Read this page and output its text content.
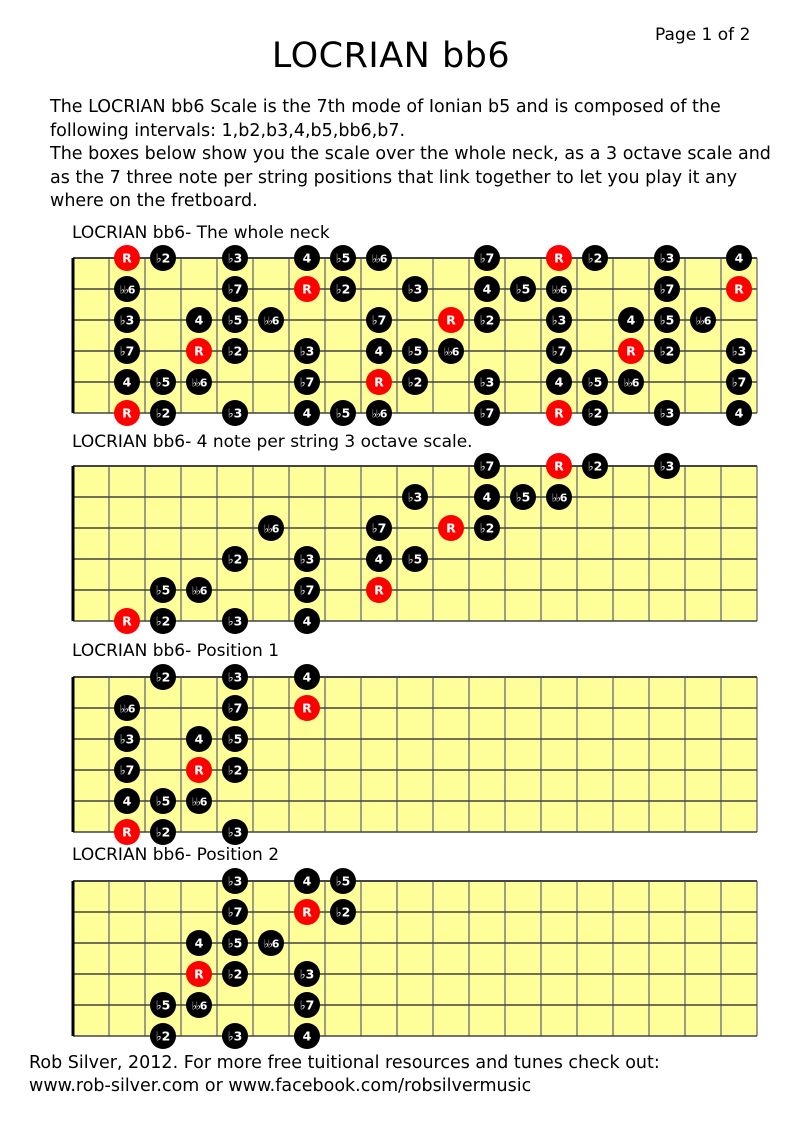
Page 1 of 2
LOCRIAN bb6

The LOCRIAN bb6 Scale is the 7th mode of Ionian b5 and is composed of the following intervals: 1,b2,b3,4,b5,bb6,b7.

The boxes below show you the scale over the whole neck, as a 3 octave scale and as the 7 three note per string positions that link together to let you play it any where on the fretboard.

LOCRIAN bb6- The whole neck
R ♭2	♭3	4 ♭5 ♭♭6	♭7	R ♭2	♭3	4
♭♭6	♭7	R ♭2	♭3	4 ♭5 ♭♭6	♭7	R
♭3	4 ♭5 ♭♭6	♭7	R ♭2	♭3	4 ♭5 ♭♭6
♭7	R ♭2	♭3	4 ♭5 ♭♭6	♭7	R ♭2	♭3
4 ♭5 ♭♭6	♭7	R ♭2	♭3	4 ♭5 ♭♭6	♭7
R ♭2	♭3	4 ♭5 ♭♭6	♭7	R ♭2	♭3	4
LOCRIAN bb6- 4 note per string 3 octave scale.
♭7	R ♭2	♭3
♭3	4 ♭5 ♭♭6
♭♭6	♭7	R ♭2
♭2	♭3	4 ♭5
♭5 ♭♭6	♭7	R
R ♭2	♭3	4
LOCRIAN bb6- Position 1
♭2	♭3	4
♭♭6	♭7	R
♭3	4 ♭5
♭7	R ♭2
4 ♭5 ♭♭6
R ♭2	♭3
LOCRIAN bb6- Position 2
♭3	4 ♭5
♭7	R ♭2
4 ♭5 ♭♭6
R ♭2	♭3
♭5 ♭♭6	♭7
♭2	♭3	4

Rob Silver, 2012. For more free tuitional resources and tunes check out:

www.rob-silver.com or www.facebook.com/robsilvermusic
